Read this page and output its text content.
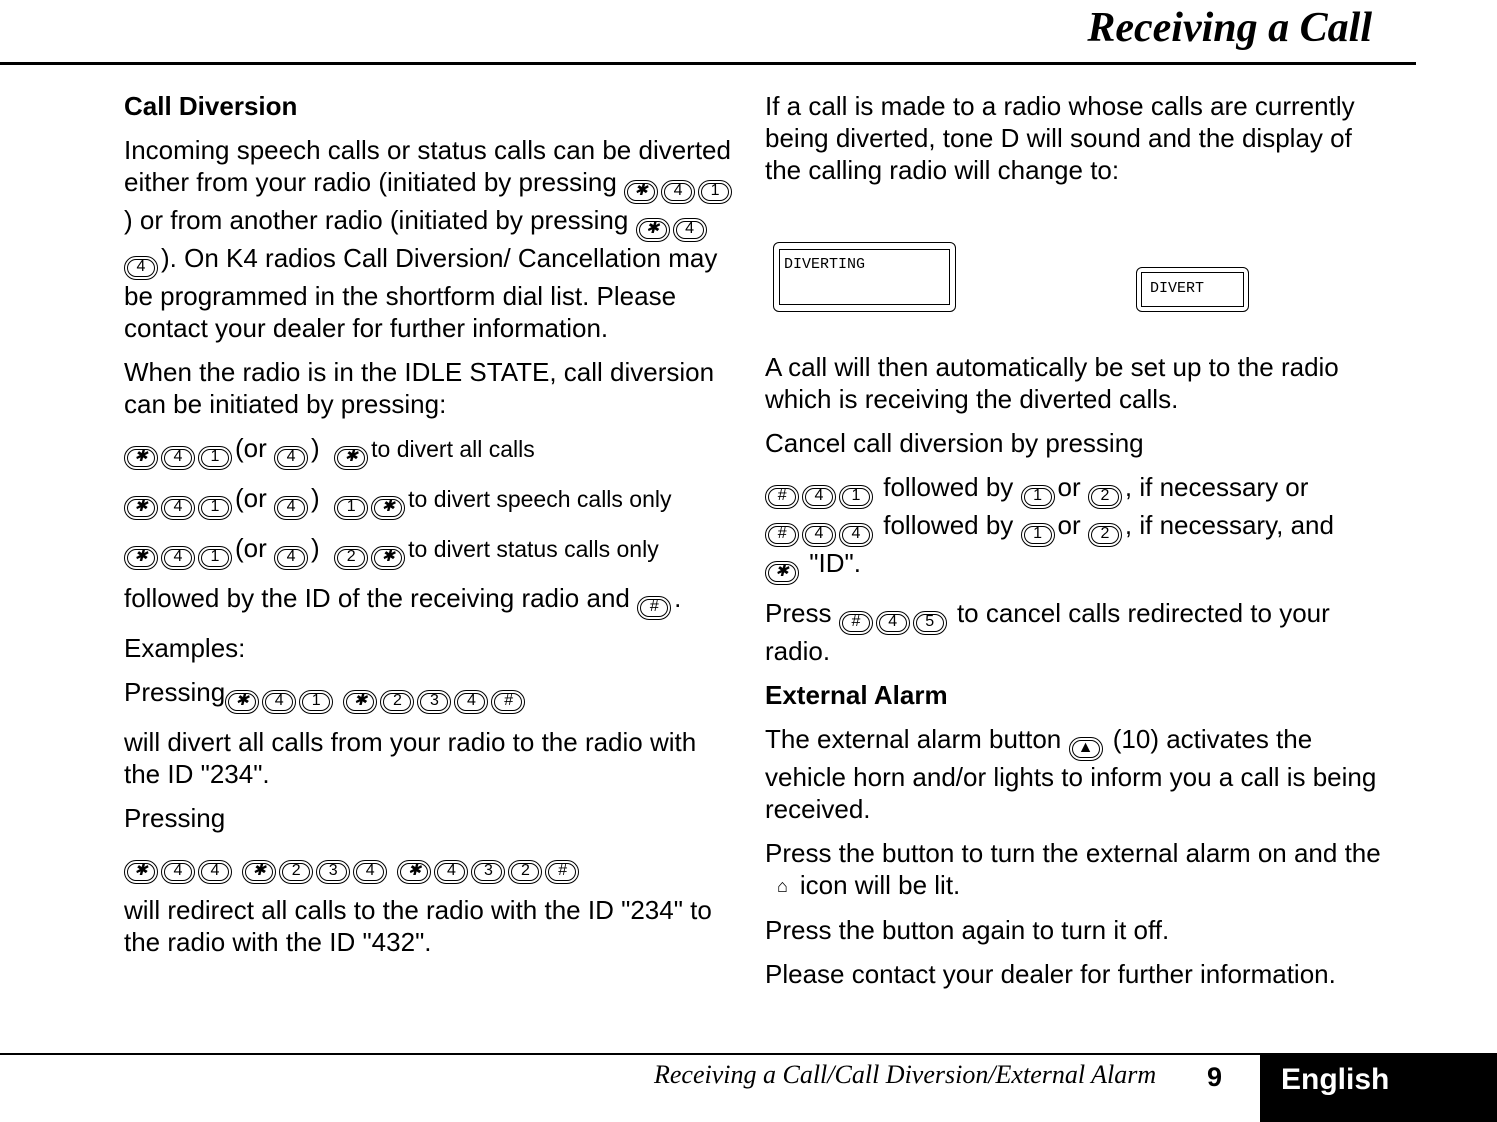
Receiving a Call

Call Diversion

Incoming speech calls or status calls can be diverted either from your radio (initiated by pressing	✱	4	1
) or from another radio (initiated by pressing	✱	4
4 ). On K4 radios Call Diversion/ Cancellation may be programmed in the shortform dial list. Please contact your dealer for further information.

When the radio is in the IDLE STATE, call diversion can be initiated by pressing:

✱	4	1 (or	4 )	✱ to divert all calls
✱	4	1 (or	4 )	1	✱ to divert speech calls only
✱	4	1 (or	4 )	2	✱ to divert status calls only

followed by the ID of the receiving radio and	# .

Examples:

Pressing ✱	4	1
	✱	2	3	4	#

will divert all calls from your radio to the radio with the ID "234".

Pressing

✱	4	4
	✱	2	3	4
	✱	4	3	2	#

will redirect all calls to the radio with the ID "234" to the radio with the ID "432".

If a call is made to a radio whose calls are currently being diverted, tone D will sound and the display of the calling radio will change to:

DIVERTING
DIVERT

A call will then automatically be set up to the radio which is receiving the diverted calls.

Cancel call diversion by pressing

#	4	1 followed by	1 or	2 , if necessary or

#	4	4 followed by	1 or	2 , if necessary, and

✱ "ID".

Press	#	4	5 to cancel calls redirected to your radio.

External Alarm

The external alarm button	▲ (10) activates the vehicle horn and/or lights to inform you a call is being received.

Press the button to turn the external alarm on and the⌂ icon will be lit.

Press the button again to turn it off.

Please contact your dealer for further information.

Receiving a Call/Call Diversion/External Alarm 9 English
